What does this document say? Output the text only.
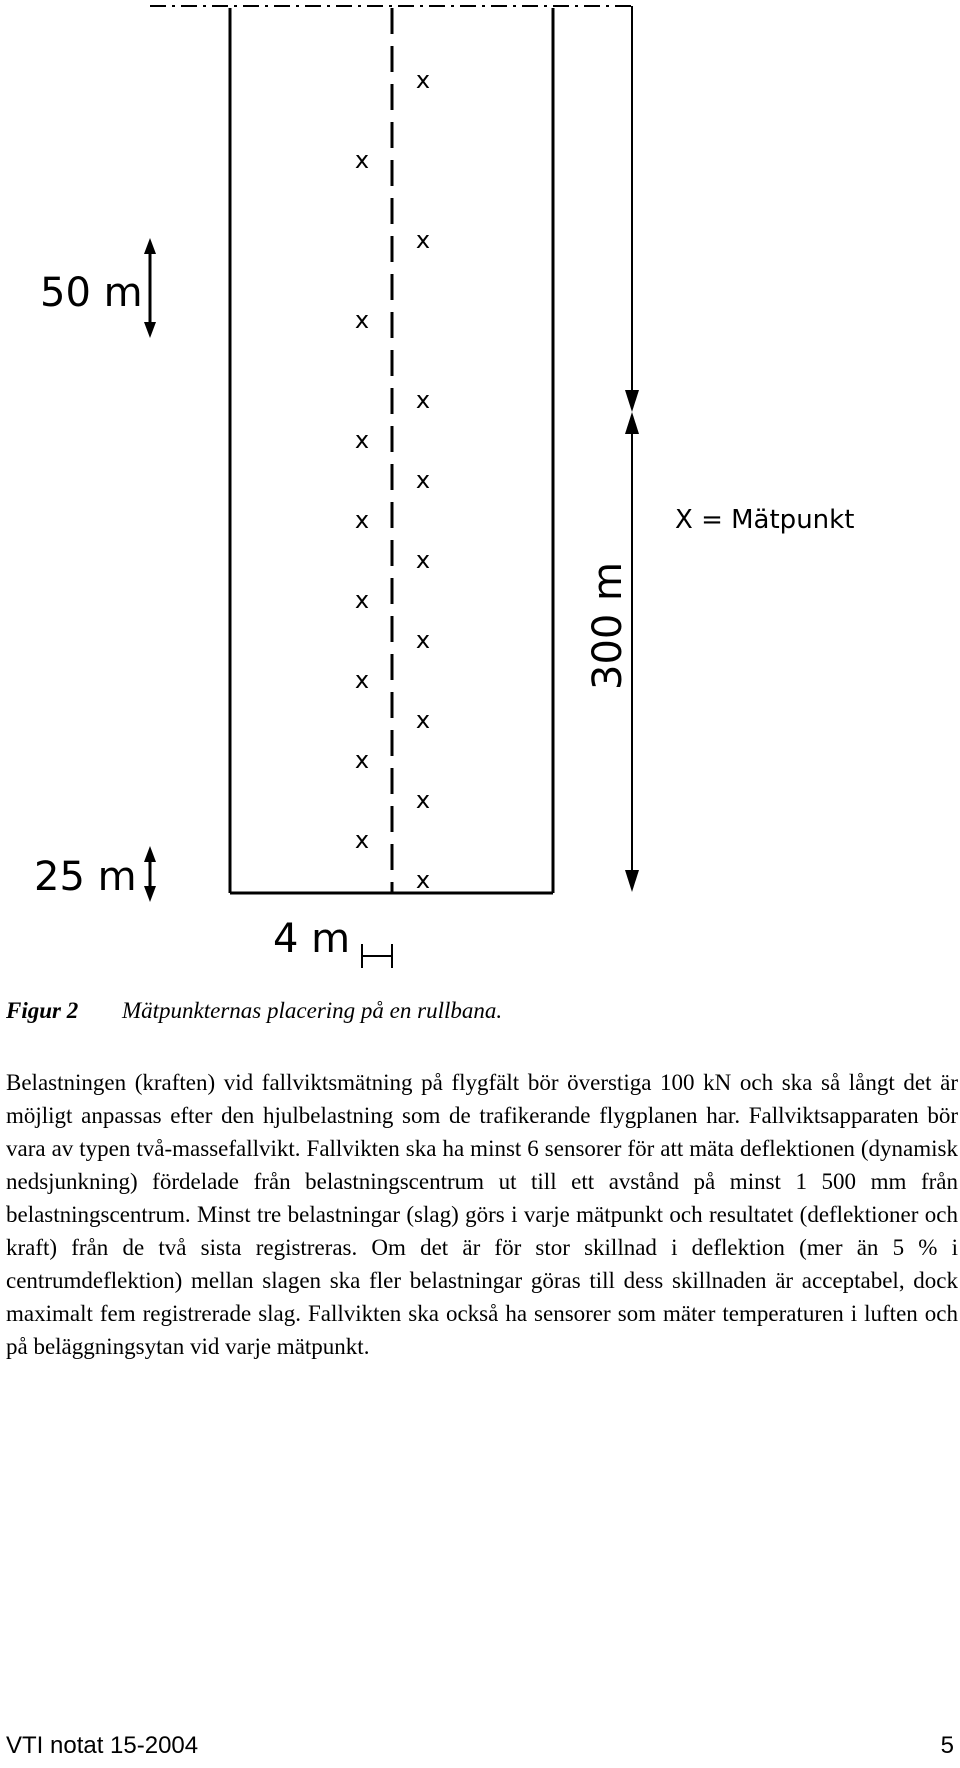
x
x
x
x
x
x
x
x
x
x
x
x
x
x
x
x
x
50 m
25 m
4 m
300 m
X = Mätpunkt
Figur 2 Mätpunkternas placering på en rullbana.

Belastningen (kraften) vid fallviktsmätning på flygfält bör överstiga 100 kN och ska så långt det är möjligt anpassas efter den hjulbelastning som de trafikerande flygplanen har. Fallviktsapparaten bör vara av typen två-massefallvikt. Fallvikten ska ha minst 6 sensorer för att mäta deflektionen (dynamisk nedsjunkning) fördelade från belastningscentrum ut till ett avstånd på minst 1 500 mm från belastningscentrum. Minst tre belastningar (slag) görs i varje mätpunkt och resultatet (deflektioner och kraft) från de två sista registreras. Om det är för stor skillnad i deflektion (mer än 5 % i centrumdeflektion) mellan slagen ska fler belastningar göras till dess skillnaden är acceptabel, dock maximalt fem registrerade slag. Fallvikten ska också ha sensorer som mäter temperaturen i luften och på beläggningsytan vid varje mätpunkt.

VTI notat 15-2004	5
